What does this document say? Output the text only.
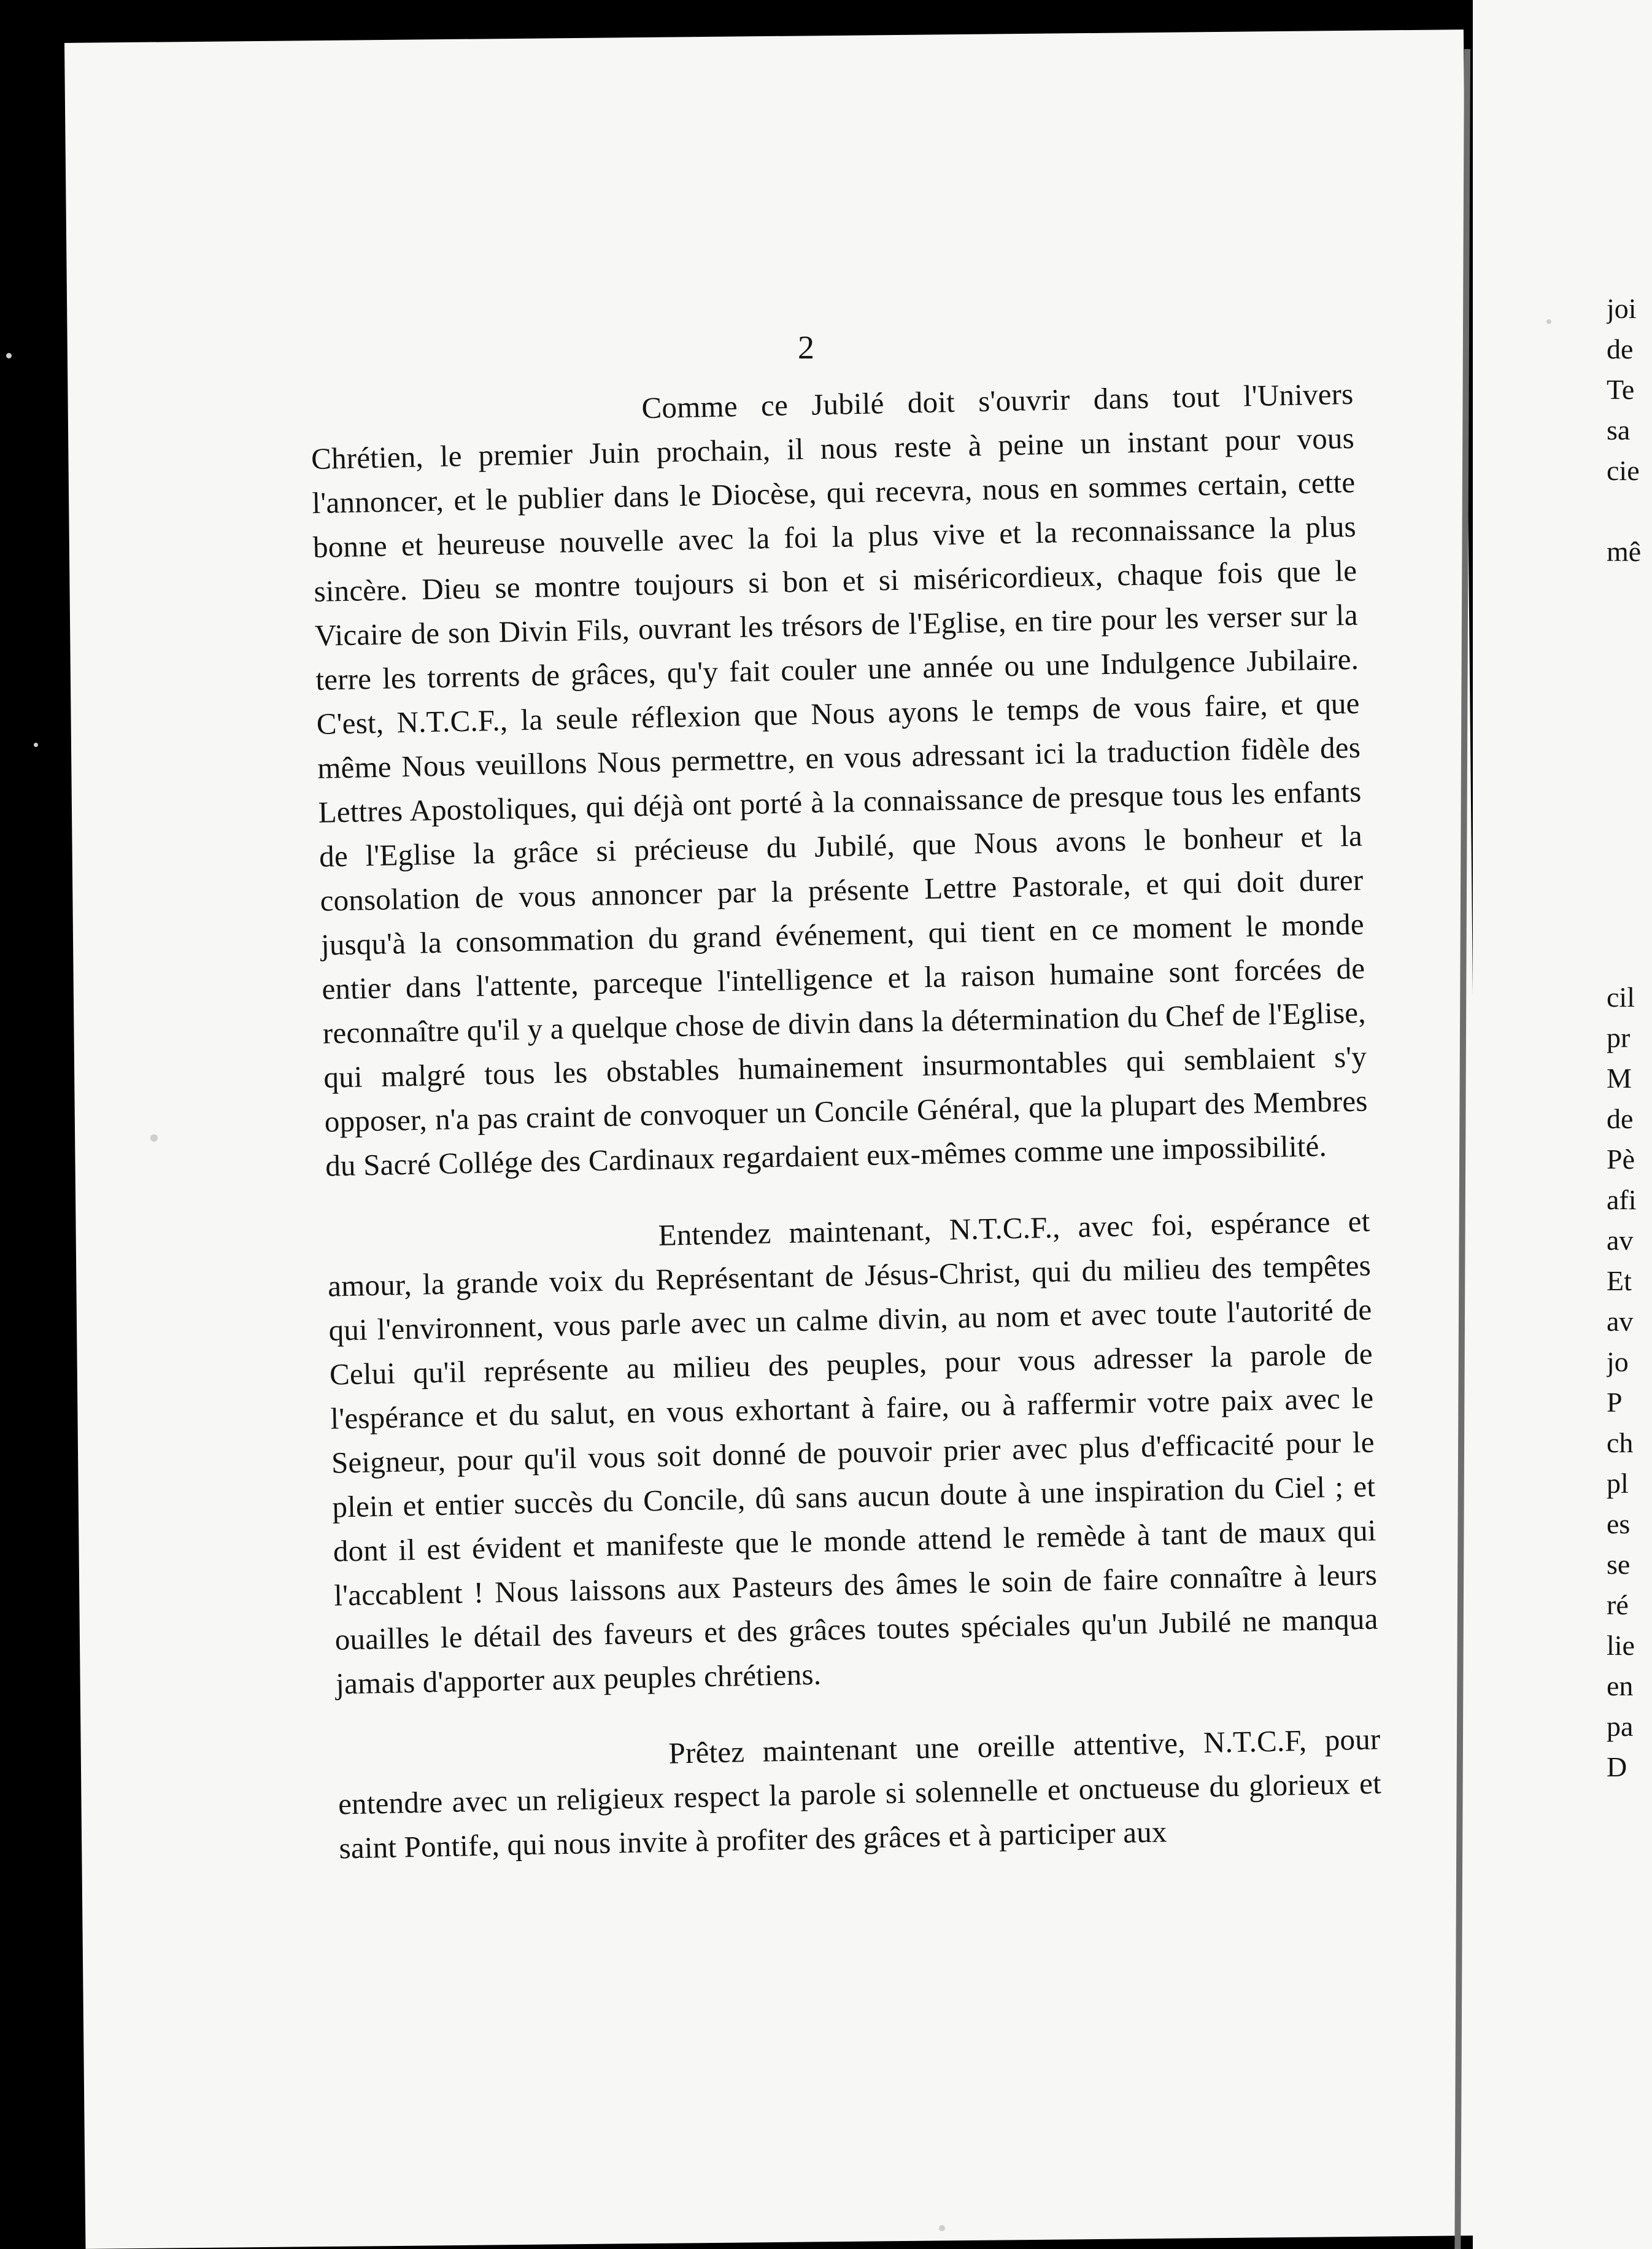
2

Comme ce Jubilé doit s'ouvrir dans tout l'Univers Chrétien, le premier Juin prochain, il nous reste à peine un instant pour vous l'annoncer, et le publier dans le Diocèse, qui recevra, nous en sommes certain, cette bonne et heureuse nouvelle avec la foi la plus vive et la reconnaissance la plus sincère. Dieu se montre toujours si bon et si miséricordieux, chaque fois que le Vicaire de son Divin Fils, ouvrant les trésors de l'Eglise, en tire pour les verser sur la terre les torrents de grâces, qu'y fait couler une année ou une Indulgence Jubilaire. C'est, N.T.C.F., la seule réflexion que Nous ayons le temps de vous faire, et que même Nous veuillons Nous permettre, en vous adressant ici la traduction fidèle des Lettres Apostoliques, qui déjà ont porté à la connaissance de presque tous les enfants de l'Eglise la grâce si précieuse du Jubilé, que Nous avons le bonheur et la consolation de vous annoncer par la présente Lettre Pastorale, et qui doit durer jusqu'à la consommation du grand événement, qui tient en ce moment le monde entier dans l'attente, parceque l'intelligence et la raison humaine sont forcées de reconnaître qu'il y a quelque chose de divin dans la détermination du Chef de l'Eglise, qui malgré tous les obstables humainement insurmontables qui semblaient s'y opposer, n'a pas craint de convoquer un Concile Général, que la plupart des Membres du Sacré Collége des Cardinaux regardaient eux-mêmes comme une impossibilité.

Entendez maintenant, N.T.C.F., avec foi, espérance et amour, la grande voix du Représentant de Jésus-Christ, qui du milieu des tempêtes qui l'environnent, vous parle avec un calme divin, au nom et avec toute l'autorité de Celui qu'il représente au milieu des peuples, pour vous adresser la parole de l'espérance et du salut, en vous exhortant à faire, ou à raffermir votre paix avec le Seigneur, pour qu'il vous soit donné de pouvoir prier avec plus d'efficacité pour le plein et entier succès du Concile, dû sans aucun doute à une inspiration du Ciel ; et dont il est évident et manifeste que le monde attend le remède à tant de maux qui l'accablent ! Nous laissons aux Pasteurs des âmes le soin de faire connaître à leurs ouailles le détail des faveurs et des grâces toutes spéciales qu'un Jubilé ne manqua jamais d'apporter aux peuples chrétiens.

Prêtez maintenant une oreille attentive, N.T.C.F, pour entendre avec un religieux respect la parole si solennelle et onctueuse du glorieux et saint Pontife, qui nous invite à profiter des grâces et à participer aux

joi
de
Te
sa
cie
mê
cil
pr
M
de
Pè
afi
av
Et
av
jo
P
ch
pl
es
se
ré
lie
en
pa
D
